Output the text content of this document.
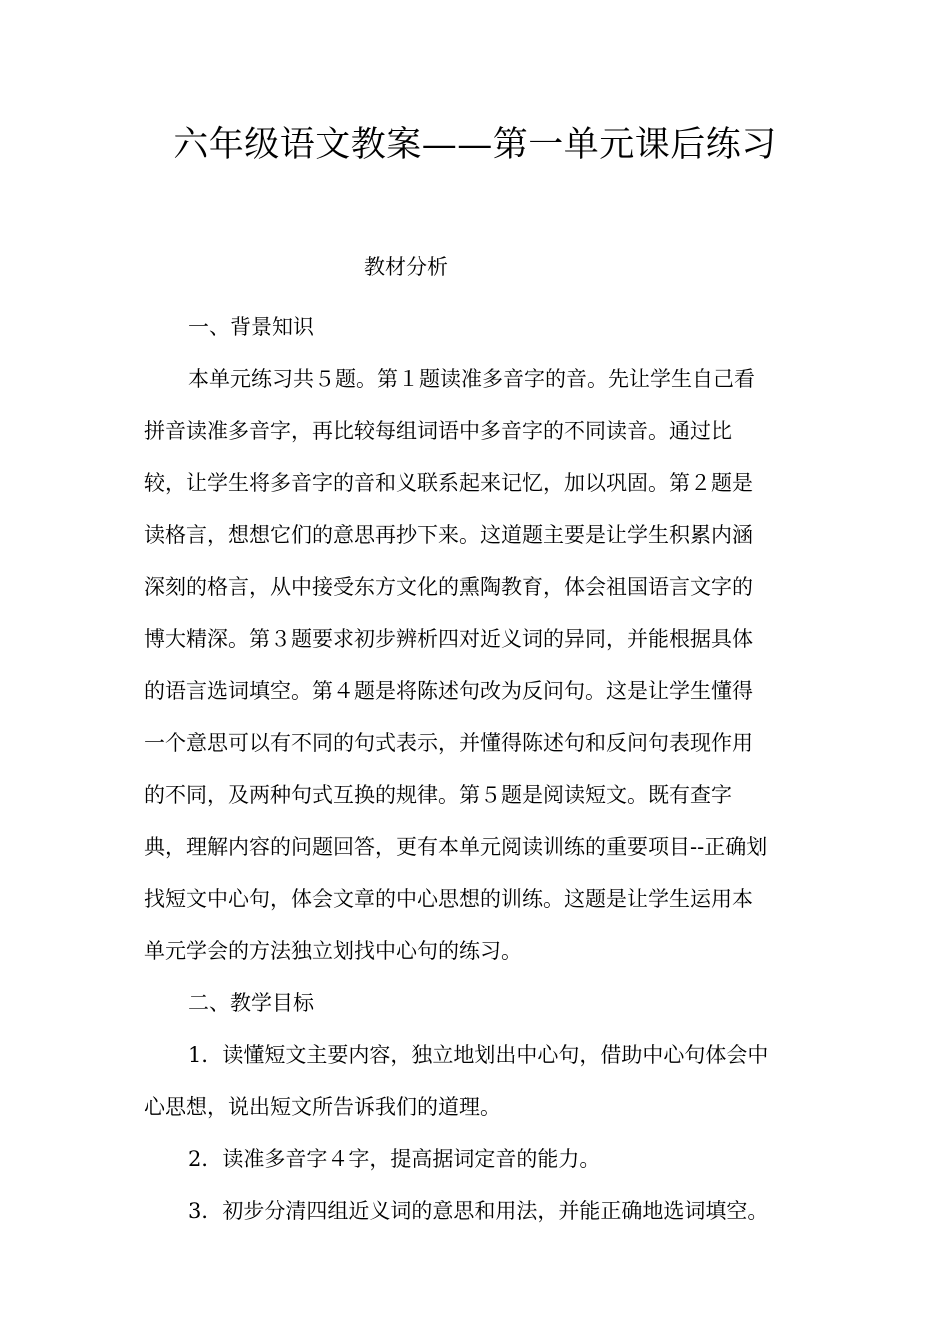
六年级语文教案——第一单元课后练习
教材分析

一、背景知识

本单元练习共５题。第１题读准多音字的音。先让学生自己看

拼音读准多音字，再比较每组词语中多音字的不同读音。通过比

较，让学生将多音字的音和义联系起来记忆，加以巩固。第２题是

读格言，想想它们的意思再抄下来。这道题主要是让学生积累内涵

深刻的格言，从中接受东方文化的熏陶教育，体会祖国语言文字的

博大精深。第３题要求初步辨析四对近义词的异同，并能根据具体

的语言选词填空。第４题是将陈述句改为反问句。这是让学生懂得

一个意思可以有不同的句式表示，并懂得陈述句和反问句表现作用

的不同，及两种句式互换的规律。第５题是阅读短文。既有查字

典，理解内容的问题回答，更有本单元阅读训练的重要项目--正确划

找短文中心句，体会文章的中心思想的训练。这题是让学生运用本

单元学会的方法独立划找中心句的练习。

二、教学目标

1．读懂短文主要内容，独立地划出中心句，借助中心句体会中

心思想，说出短文所告诉我们的道理。

2．读准多音字４字，提高据词定音的能力。

3．初步分清四组近义词的意思和用法，并能正确地选词填空。
